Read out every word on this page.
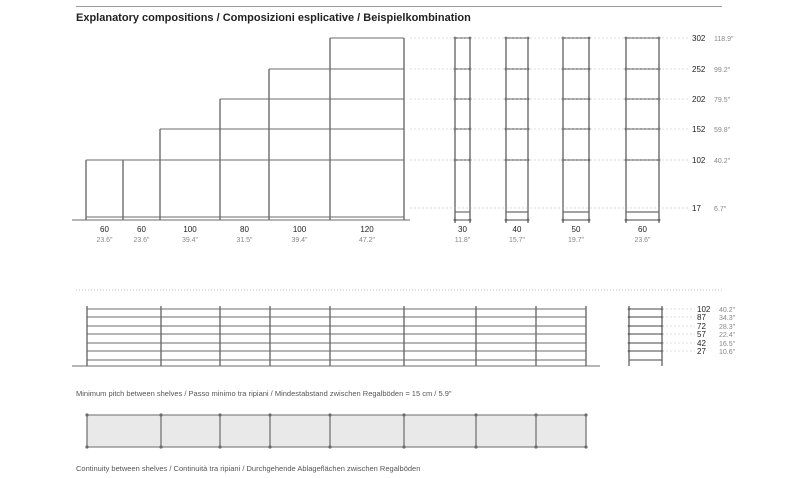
Explanatory compositions / Composizioni esplicative / Beispielkombination
60
23.6"
60
23.6"
100
39.4"
80
31.5"
100
39.4"
120
47.2"
30
11.8"
40
15.7"
50
19.7"
60
23.6"
302 118.9"
252 99.2"
202 79.5"
152 59.8"
102 40.2"
17 6.7"
102 40.2"
87 34.3"
72 28.3"
57 22.4"
42 16.5"
27 10.6"
Minimum pitch between shelves / Passo minimo tra ripiani / Mindestabstand zwischen Regalböden = 15 cm / 5.9"
Continuity between shelves / Continuità tra ripiani / Durchgehende Ablageflächen zwischen Regalböden
